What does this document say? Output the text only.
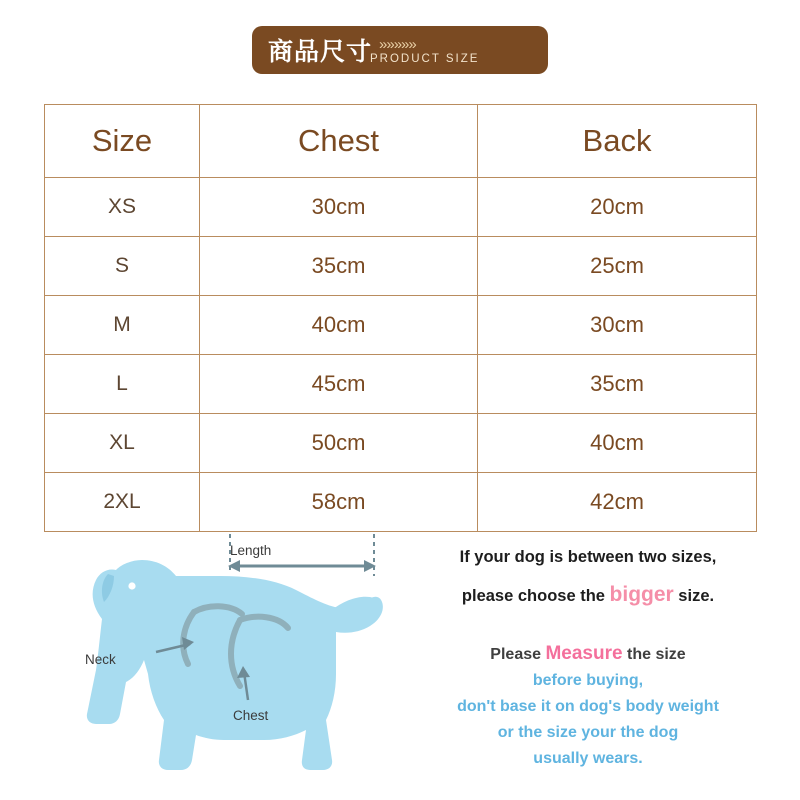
商品尺寸 » » » » »
PRODUCT SIZE
Size	Chest	Back
XS	30cm	20cm
S	35cm	25cm
M	40cm	30cm
L	45cm	35cm
XL	50cm	40cm
2XL	58cm	42cm
Length
Neck
Chest
If your dog is between two sizes,
please choose the bigger size.
Please Measure the size
before buying,
don't base it on dog's body weight
or the size your the dog
usually wears.
